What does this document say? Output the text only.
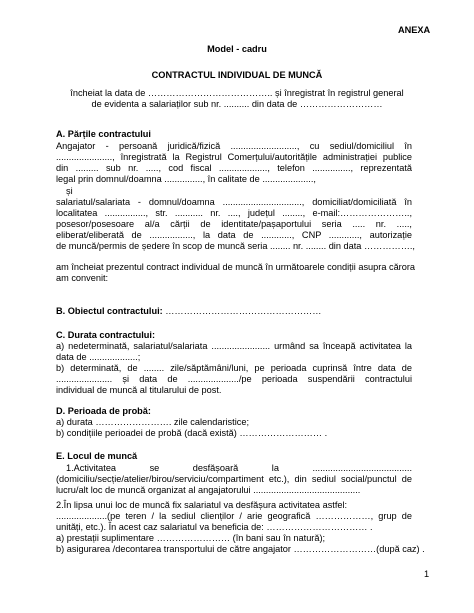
ANEXA
Model - cadru
CONTRACTUL INDIVIDUAL DE MUNCĂ
încheiat la data de ………………………………….. și înregistrat în registrul general
de evidenta a salariaților sub nr. .......... din data de ………………………
A. Părțile contractului
Angajator - persoană juridică/fizică .........................., cu sediul/domiciliul în
......................, înregistrată la Registrul Comerțului/autoritățile administrației publice
din ......... sub nr. ....., cod fiscal ..................., telefon ..............., reprezentată
legal prin domnul/doamna ..............., în calitate de ....................,
și
salariatul/salariata - domnul/doamna ..............................., domiciliat/domiciliată în
localitatea ................, str. ........... nr. ...., județul ........, e-mail:…………………..,
posesor/posesoare al/a cărții de identitate/pașaportului seria ..... nr. .....,
eliberat/eliberată de ................., la data de ............, CNP ............, autorizație
de muncă/permis de ședere în scop de muncă seria ........ nr. ........ din data …………….,
am încheiat prezentul contract individual de muncă în următoarele condiții asupra cărora
am convenit:
B. Obiectul contractului: ……………………………………………
C. Durata contractului:
a) nedeterminată, salariatul/salariata ....................... urmând sa înceapă activitatea la
data de ...................;
b) determinată, de ........ zile/săptămâni/luni, pe perioada cuprinsă între data de
...................... și data de ..................../pe perioada suspendării contractului
individual de muncă al titularului de post.
D. Perioada de probă:
a) durata ……………………. zile calendaristice;
b) condițiile perioadei de probă (dacă există) ……………………… .
E. Locul de muncă
1.Activitatea se desfășoară la .......................................
(domiciliu/secție/atelier/birou/serviciu/compartiment etc.), din sediul social/punctul de
lucru/alt loc de muncă organizat al angajatorului ..........................................
2.În lipsa unui loc de muncă fix salariatul va desfășura activitatea astfel:
....................(pe teren / la sediul clienților / arie geografică ………………, grup de
unități, etc.). În acest caz salariatul va beneficia de: …………………………… .
a) prestații suplimentare …………………… (în bani sau în natură);
b) asigurarea /decontarea transportului de către angajator ………………………(după caz) .
1
